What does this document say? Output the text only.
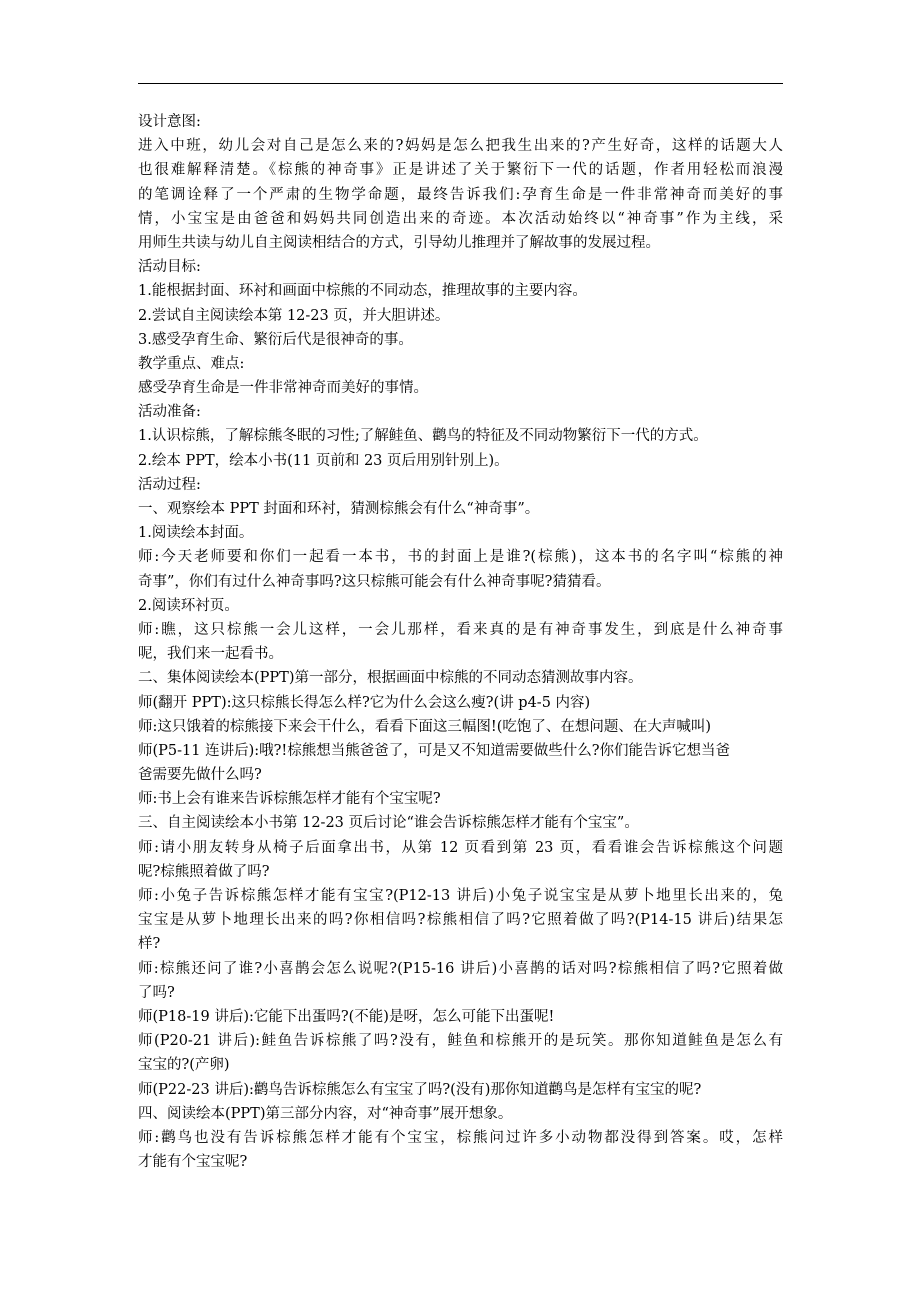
设计意图:
进入中班，幼儿会对自己是怎么来的?妈妈是怎么把我生出来的?产生好奇，这样的话题大人
也很难解释清楚。《棕熊的神奇事》正是讲述了关于繁衍下一代的话题，作者用轻松而浪漫
的笔调诠释了一个严肃的生物学命题，最终告诉我们:孕育生命是一件非常神奇而美好的事
情，小宝宝是由爸爸和妈妈共同创造出来的奇迹。本次活动始终以“神奇事”作为主线，采
用师生共读与幼儿自主阅读相结合的方式，引导幼儿推理并了解故事的发展过程。
活动目标:
1.能根据封面、环衬和画面中棕熊的不同动态，推理故事的主要内容。
2.尝试自主阅读绘本第 12-23 页，并大胆讲述。
3.感受孕育生命、繁衍后代是很神奇的事。
教学重点、难点:
感受孕育生命是一件非常神奇而美好的事情。
活动准备:
1.认识棕熊，了解棕熊冬眠的习性;了解鲑鱼、鹳鸟的特征及不同动物繁衍下一代的方式。
2.绘本 PPT，绘本小书(11 页前和 23 页后用别针别上)。
活动过程:
一、观察绘本 PPT 封面和环衬，猜测棕熊会有什么“神奇事”。
1.阅读绘本封面。
师:今天老师要和你们一起看一本书，书的封面上是谁?(棕熊)，这本书的名字叫“棕熊的神
奇事”，你们有过什么神奇事吗?这只棕熊可能会有什么神奇事呢?猜猜看。
2.阅读环衬页。
师:瞧，这只棕熊一会儿这样，一会儿那样，看来真的是有神奇事发生，到底是什么神奇事
呢，我们来一起看书。
二、集体阅读绘本(PPT)第一部分，根据画面中棕熊的不同动态猜测故事内容。
师(翻开 PPT):这只棕熊长得怎么样?它为什么会这么瘦?(讲 p4-5 内容)
师:这只饿着的棕熊接下来会干什么，看看下面这三幅图!(吃饱了、在想问题、在大声喊叫)
师(P5-11 连讲后):哦?!棕熊想当熊爸爸了，可是又不知道需要做些什么?你们能告诉它想当爸
爸需要先做什么吗?
师:书上会有谁来告诉棕熊怎样才能有个宝宝呢?
三、自主阅读绘本小书第 12-23 页后讨论“谁会告诉棕熊怎样才能有个宝宝”。
师:请小朋友转身从椅子后面拿出书，从第 12 页看到第 23 页，看看谁会告诉棕熊这个问题
呢?棕熊照着做了吗?
师:小兔子告诉棕熊怎样才能有宝宝?(P12-13 讲后)小兔子说宝宝是从萝卜地里长出来的，兔
宝宝是从萝卜地理长出来的吗?你相信吗?棕熊相信了吗?它照着做了吗?(P14-15 讲后)结果怎
样?
师:棕熊还问了谁?小喜鹊会怎么说呢?(P15-16 讲后)小喜鹊的话对吗?棕熊相信了吗?它照着做
了吗?
师(P18-19 讲后):它能下出蛋吗?(不能)是呀，怎么可能下出蛋呢!
师(P20-21 讲后):鲑鱼告诉棕熊了吗?没有，鲑鱼和棕熊开的是玩笑。那你知道鲑鱼是怎么有
宝宝的?(产卵)
师(P22-23 讲后):鹳鸟告诉棕熊怎么有宝宝了吗?(没有)那你知道鹳鸟是怎样有宝宝的呢?
四、阅读绘本(PPT)第三部分内容，对“神奇事”展开想象。
师:鹳鸟也没有告诉棕熊怎样才能有个宝宝，棕熊问过许多小动物都没得到答案。哎，怎样
才能有个宝宝呢?
